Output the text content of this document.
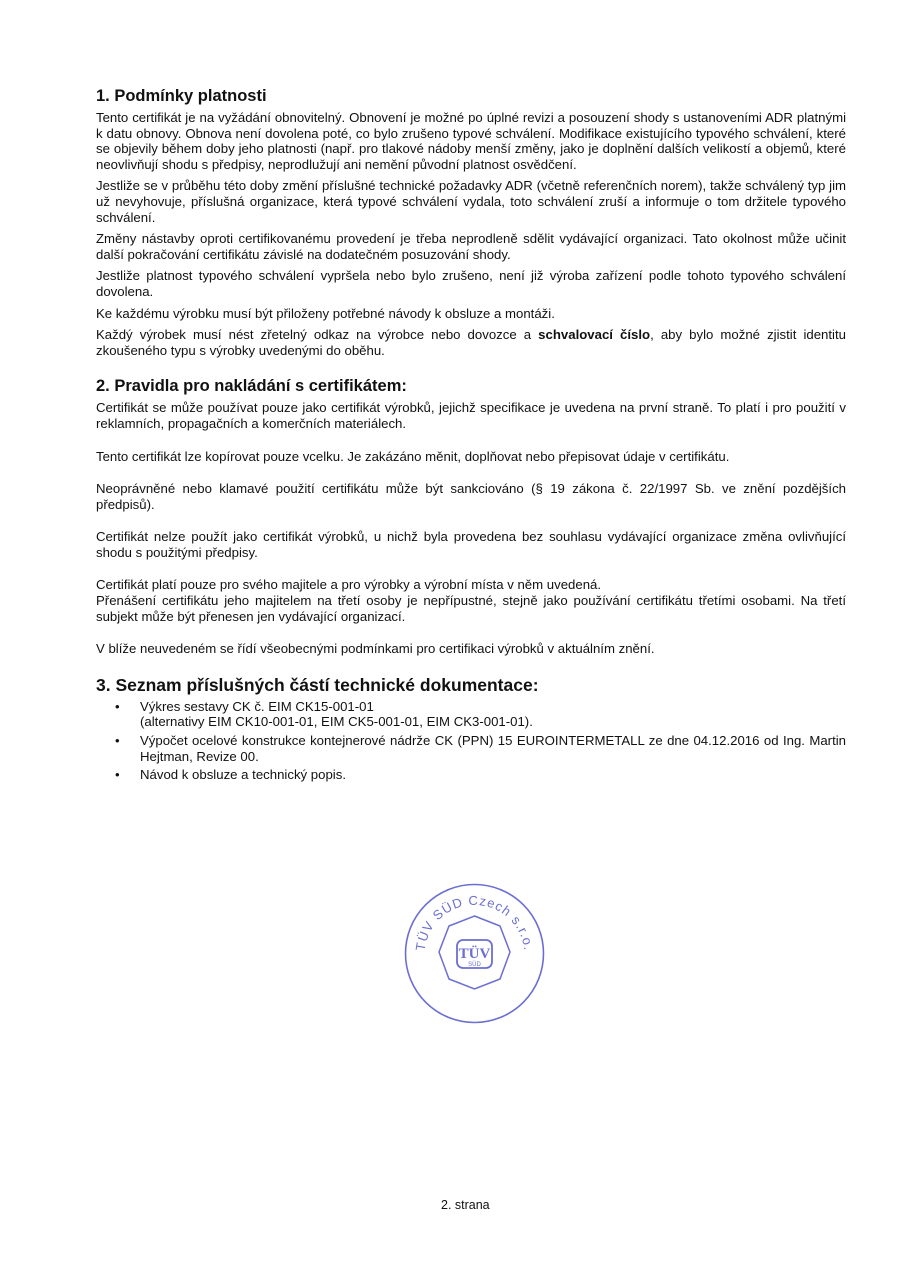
1. Podmínky platnosti

Tento certifikát je na vyžádání obnovitelný. Obnovení je možné po úplné revizi a posouzení shody s ustanoveními ADR platnými k datu obnovy. Obnova není dovolena poté, co bylo zrušeno typové schválení. Modifikace existujícího typového schválení, které se objevily během doby jeho platnosti (např. pro tlakové nádoby menší změny, jako je doplnění dalších velikostí a objemů, které neovlivňují shodu s předpisy, neprodlužují ani nemění původní platnost osvědčení.

Jestliže se v průběhu této doby změní příslušné technické požadavky ADR (včetně referenčních norem), takže schválený typ jim už nevyhovuje, příslušná organizace, která typové schválení vydala, toto schválení zruší a informuje o tom držitele typového schválení.

Změny nástavby oproti certifikovanému provedení je třeba neprodleně sdělit vydávající organizaci. Tato okolnost může učinit další pokračování certifikátu závislé na dodatečném posuzování shody.

Jestliže platnost typového schválení vypršela nebo bylo zrušeno, není již výroba zařízení podle tohoto typového schválení dovolena.

Ke každému výrobku musí být přiloženy potřebné návody k obsluze a montáži.

Každý výrobek musí nést zřetelný odkaz na výrobce nebo dovozce a schvalovací číslo, aby bylo možné zjistit identitu zkoušeného typu s výrobky uvedenými do oběhu.

2. Pravidla pro nakládání s certifikátem:

Certifikát se může používat pouze jako certifikát výrobků, jejichž specifikace je uvedena na první straně. To platí i pro použití v reklamních, propagačních a komerčních materiálech.

Tento certifikát lze kopírovat pouze vcelku. Je zakázáno měnit, doplňovat nebo přepisovat údaje v certifikátu.

Neoprávněné nebo klamavé použití certifikátu může být sankciováno (§ 19 zákona č. 22/1997 Sb. ve znění pozdějších předpisů).

Certifikát nelze použít jako certifikát výrobků, u nichž byla provedena bez souhlasu vydávající organizace změna ovlivňující shodu s použitými předpisy.

Certifikát platí pouze pro svého majitele a pro výrobky a výrobní místa v něm uvedená.

Přenášení certifikátu jeho majitelem na třetí osoby je nepřípustné, stejně jako používání certifikátu třetími osobami. Na třetí subjekt může být přenesen jen vydávající organizací.

V blíže neuvedeném se řídí všeobecnými podmínkami pro certifikaci výrobků v aktuálním znění.

3. Seznam příslušných částí technické dokumentace:
• Výkres sestavy CK č. EIM CK15-001-01
(alternativy EIM CK10-001-01, EIM CK5-001-01, EIM CK3-001-01).
• Výpočet ocelové konstrukce kontejnerové nádrže CK (PPN) 15 EUROINTERMETALL ze dne 04.12.2016 od Ing. Martin Hejtman, Revize 00.
• Návod k obsluze a technický popis.
TÜV SÜD Czech s.r.o.
TÜV
SÜD
2. strana
